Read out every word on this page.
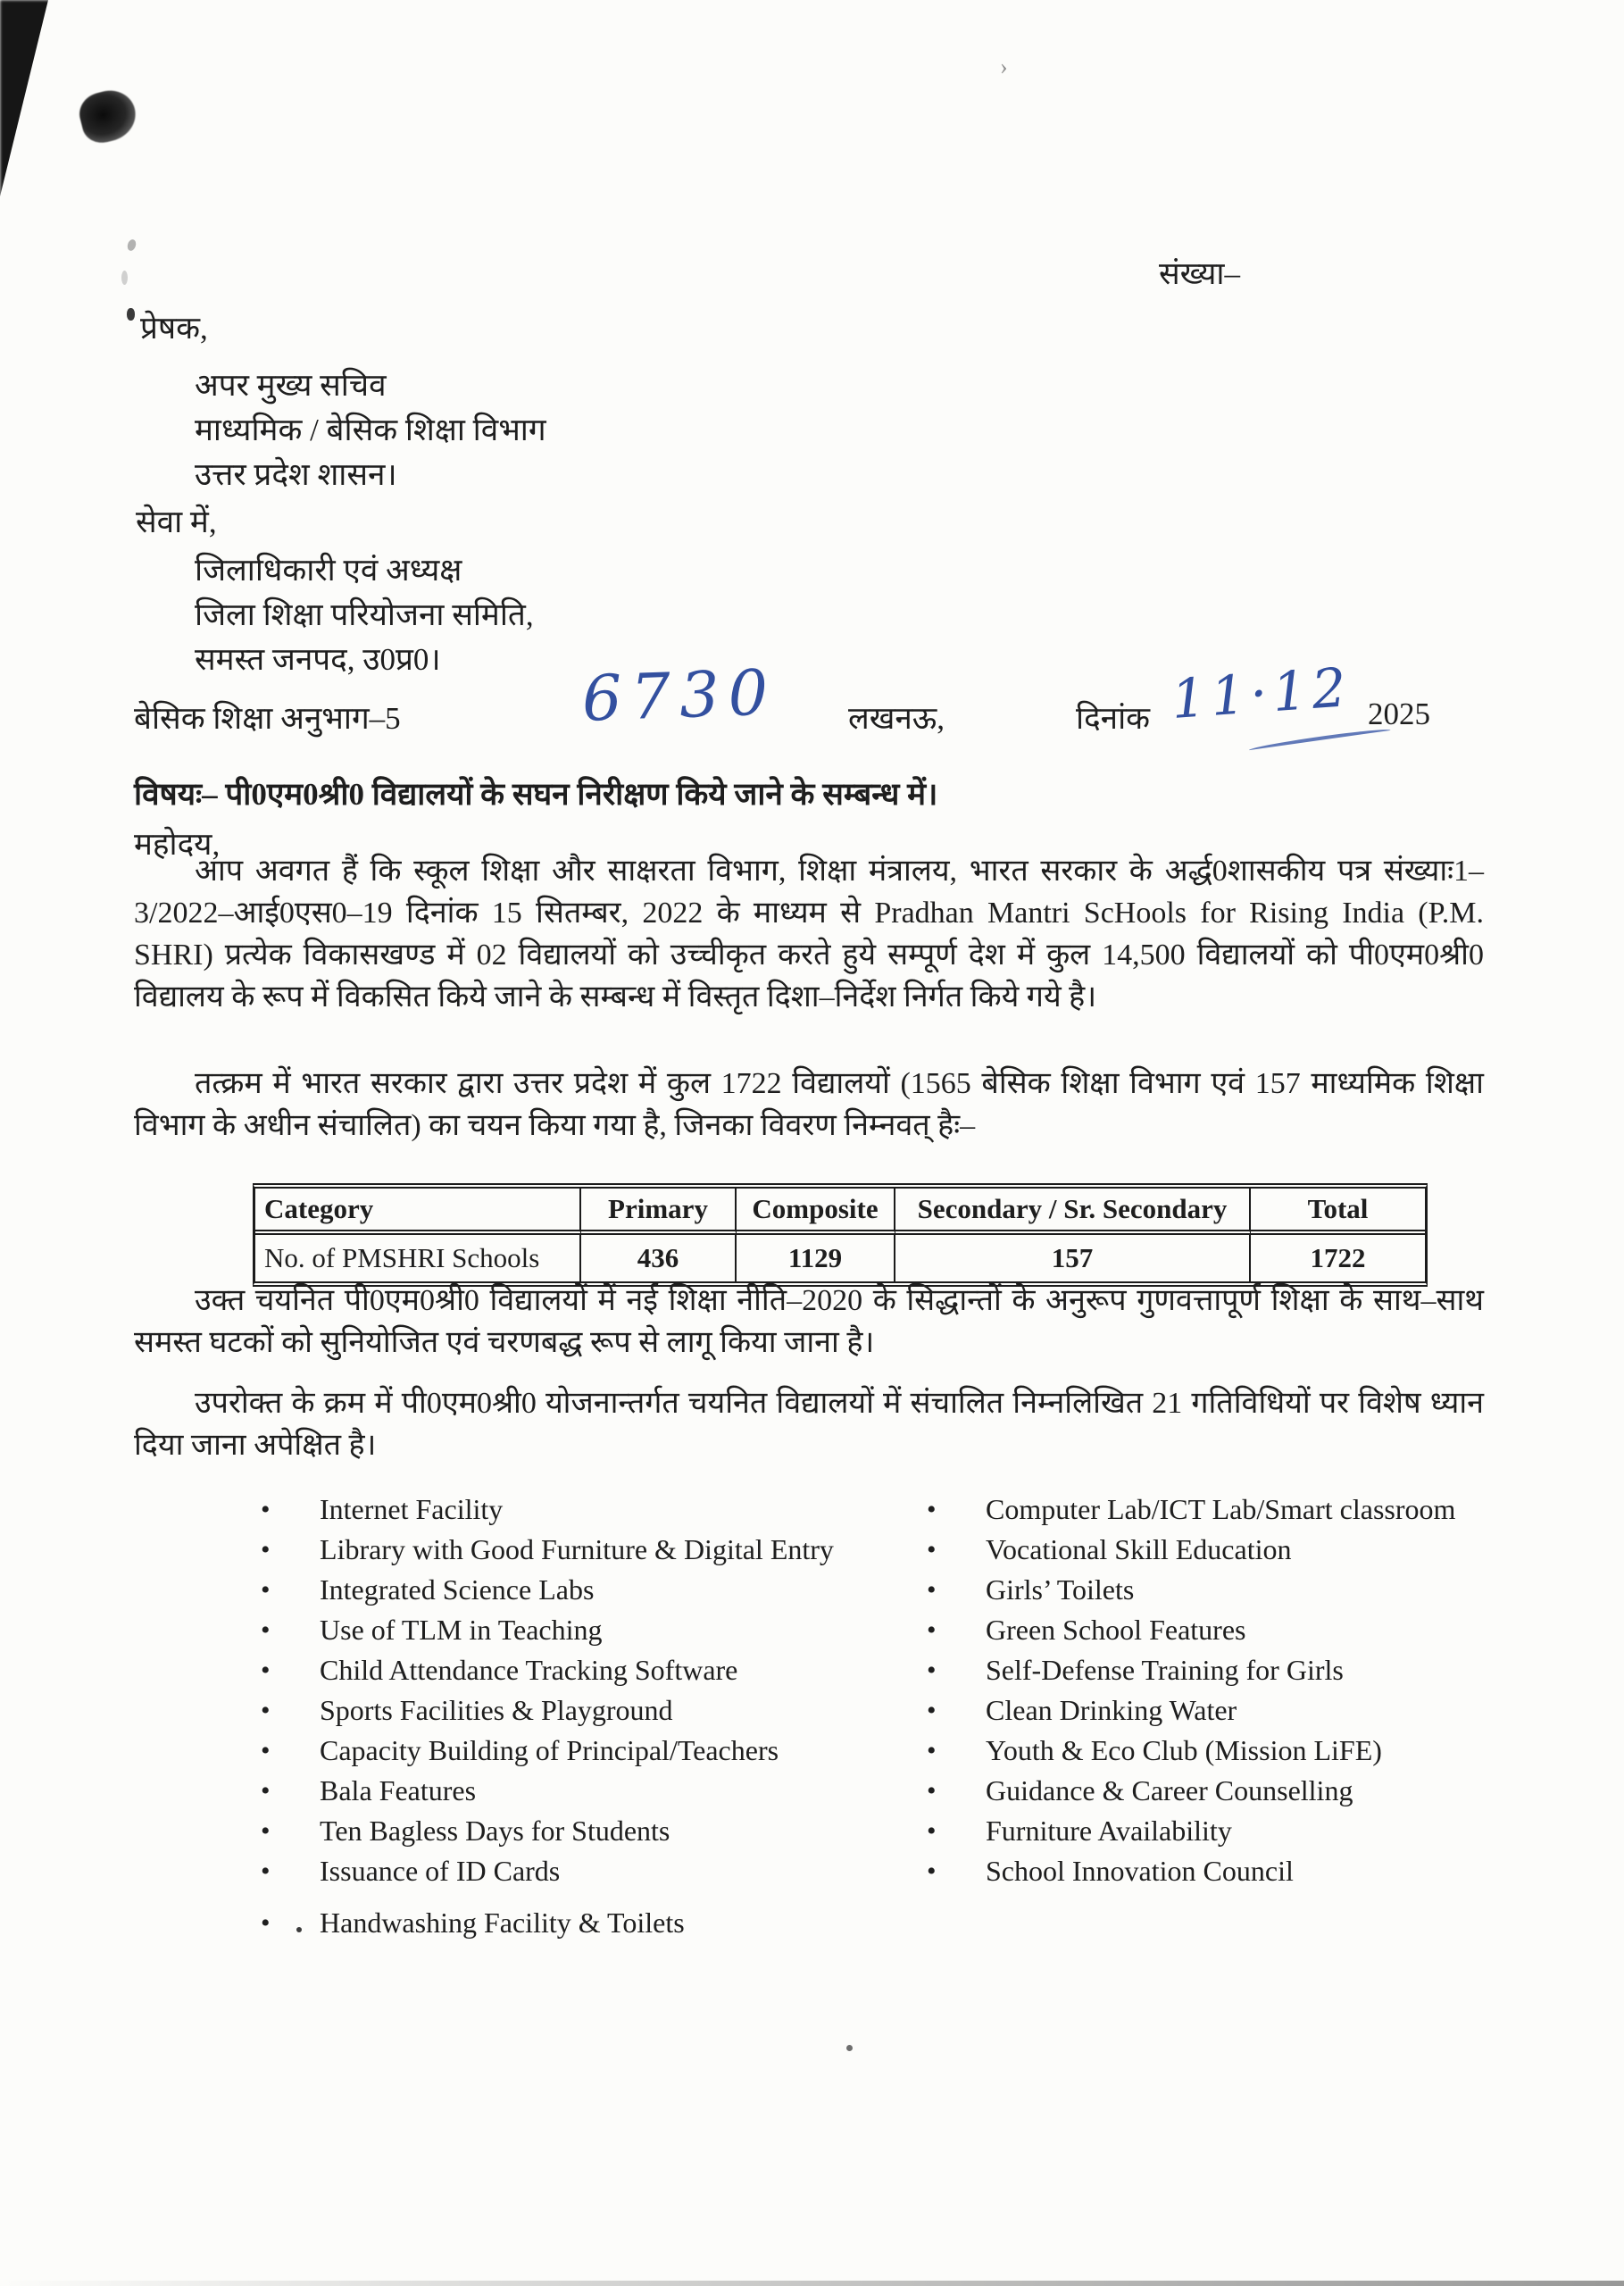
›
संख्या–
प्रेषक,
अपर मुख्य सचिव
माध्यमिक / बेसिक शिक्षा विभाग
उत्तर प्रदेश शासन।
सेवा में,
जिलाधिकारी एवं अध्यक्ष
जिला शिक्षा परियोजना समिति,
समस्त जनपद, उ0प्र0।
बेसिक शिक्षा अनुभाग–5	6730 लखनऊ,	दिनांक 11·12 2025
विषयः– पी0एम0श्री0 विद्यालयों के सघन निरीक्षण किये जाने के सम्बन्ध में।
महोदय,

आप अवगत हैं कि स्कूल शिक्षा और साक्षरता विभाग, शिक्षा मंत्रालय, भारत सरकार के अर्द्ध0शासकीय पत्र संख्याः1–3/2022–आई0एस0–19 दिनांक 15 सितम्बर, 2022 के माध्यम से Pradhan Mantri ScHools for Rising India (P.M. SHRI) प्रत्येक विकासखण्ड में 02 विद्यालयों को उच्चीकृत करते हुये सम्पूर्ण देश में कुल 14,500 विद्यालयों को पी0एम0श्री0 विद्यालय के रूप में विकसित किये जाने के सम्बन्ध में विस्तृत दिशा–निर्देश निर्गत किये गये है।

तत्क्रम में भारत सरकार द्वारा उत्तर प्रदेश में कुल 1722 विद्यालयों (1565 बेसिक शिक्षा विभाग एवं 157 माध्यमिक शिक्षा विभाग के अधीन संचालित) का चयन किया गया है, जिनका विवरण निम्नवत् हैः–

Category	Primary	Composite	Secondary / Sr. Secondary	Total
No. of PMSHRI Schools	436	1129	157	1722

उक्त चयनित पी0एम0श्री0 विद्यालयों में नई शिक्षा नीति–2020 के सिद्धान्तों के अनुरूप गुणवत्तापूर्ण शिक्षा के साथ–साथ समस्त घटकों को सुनियोजित एवं चरणबद्ध रूप से लागू किया जाना है।

उपरोक्त के क्रम में पी0एम0श्री0 योजनान्तर्गत चयनित विद्यालयों में संचालित निम्नलिखित 21 गतिविधियों पर विशेष ध्यान दिया जाना अपेक्षित है।

• Internet Facility
• Library with Good Furniture & Digital Entry
• Integrated Science Labs
• Use of TLM in Teaching
• Child Attendance Tracking Software
• Sports Facilities & Playground
• Capacity Building of Principal/Teachers
• Bala Features
• Ten Bagless Days for Students
• Issuance of ID Cards
• Handwashing Facility & Toilets
• Computer Lab/ICT Lab/Smart classroom
• Vocational Skill Education
• Girls’ Toilets
• Green School Features
• Self-Defense Training for Girls
• Clean Drinking Water
• Youth & Eco Club (Mission LiFE)
• Guidance & Career Counselling
• Furniture Availability
• School Innovation Council
